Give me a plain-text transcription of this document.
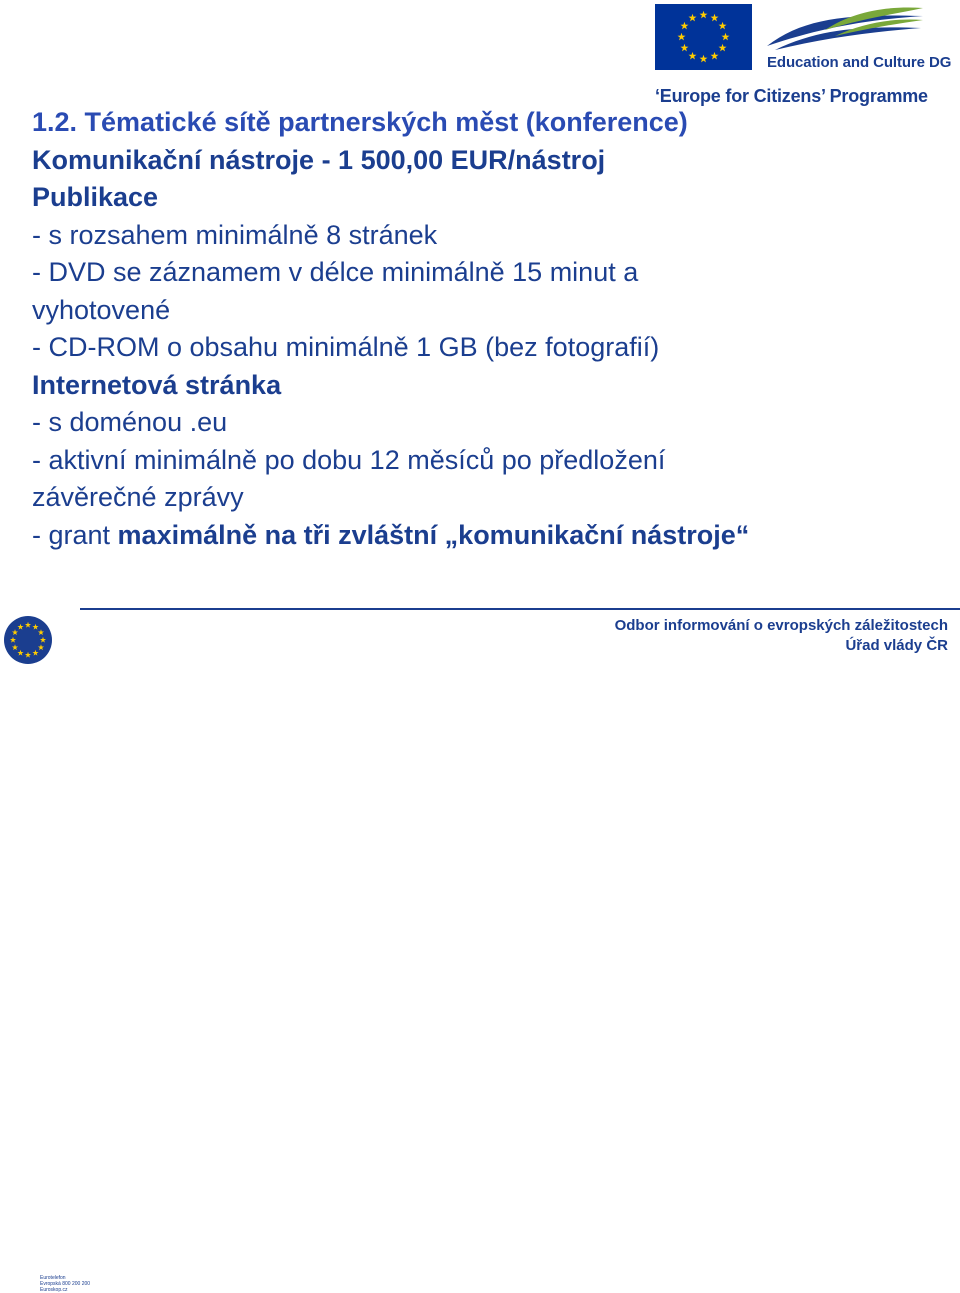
Education and Culture DG
‘Europe for Citizens’ Programme
1.2. Tématické sítě partnerských měst (konference)
Komunikační nástroje - 1 500,00 EUR/nástroj
Publikace
- s rozsahem minimálně 8 stránek
- DVD se záznamem v délce minimálně 15 minut a
vyhotovené
- CD-ROM o obsahu minimálně 1 GB (bez fotografií)
Internetová stránka
- s doménou .eu
- aktivní minimálně po dobu 12 měsíců po předložení
závěrečné zprávy
- grant maximálně na tři zvláštní „komunikační nástroje“
Eurotelefon
Evropská 800 200 200
Euroskop.cz
Odbor informování o evropských záležitostech
Úřad vlády ČR
